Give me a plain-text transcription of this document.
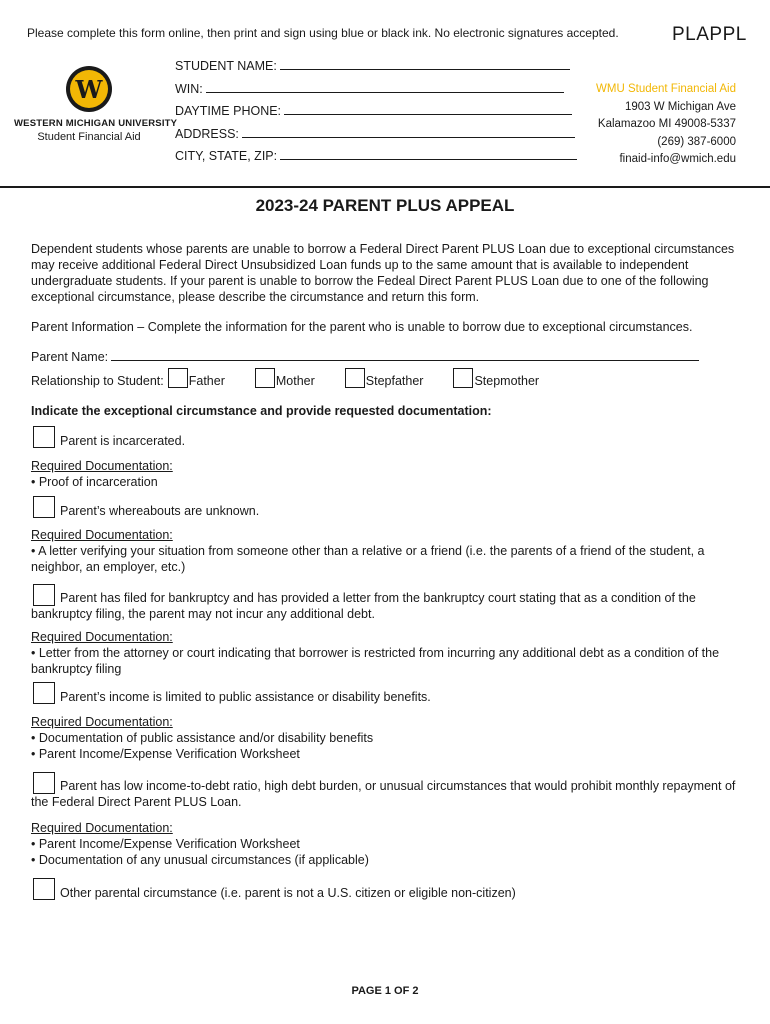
Please complete this form online, then print and sign using blue or black ink. No electronic signatures accepted.	PLAPPL
W
WESTERN MICHIGAN UNIVERSITY
Student Financial Aid
STUDENT NAME:
WIN:
DAYTIME PHONE:
ADDRESS:
CITY, STATE, ZIP:
WMU Student Financial Aid
1903 W Michigan Ave
Kalamazoo MI 49008-5337
(269) 387-6000
finaid-info@wmich.edu
2023-24 PARENT PLUS APPEAL
Dependent students whose parents are unable to borrow a Federal Direct Parent PLUS Loan due to exceptional circumstances may receive additional Federal Direct Unsubsidized Loan funds up to the same amount that is available to independent undergraduate students. If your parent is unable to borrow the Fedeal Direct Parent PLUS Loan due to one of the following exceptional circumstance, please describe the circumstance and return this form.
Parent Information – Complete the information for the parent who is unable to borrow due to exceptional circumstances.
Parent Name:
Relationship to Student: Father	Mother	Stepfather	Stepmother
Indicate the exceptional circumstance and provide requested documentation:
Parent is incarcerated.
Required Documentation:
• Proof of incarceration
Parent’s whereabouts are unknown.
Required Documentation:
• A letter verifying your situation from someone other than a relative or a friend (i.e. the parents of a friend of the student, a neighbor, an employer, etc.)
Parent has filed for bankruptcy and has provided a letter from the bankruptcy court stating that as a condition of the bankruptcy filing, the parent may not incur any additional debt.
Required Documentation:
• Letter from the attorney or court indicating that borrower is restricted from incurring any additional debt as a condition of the bankruptcy filing
Parent’s income is limited to public assistance or disability benefits.
Required Documentation:
• Documentation of public assistance and/or disability benefits
• Parent Income/Expense Verification Worksheet
Parent has low income-to-debt ratio, high debt burden, or unusual circumstances that would prohibit monthly repayment of the Federal Direct Parent PLUS Loan.
Required Documentation:
• Parent Income/Expense Verification Worksheet
• Documentation of any unusual circumstances (if applicable)
Other parental circumstance (i.e. parent is not a U.S. citizen or eligible non-citizen)
PAGE 1 OF 2
